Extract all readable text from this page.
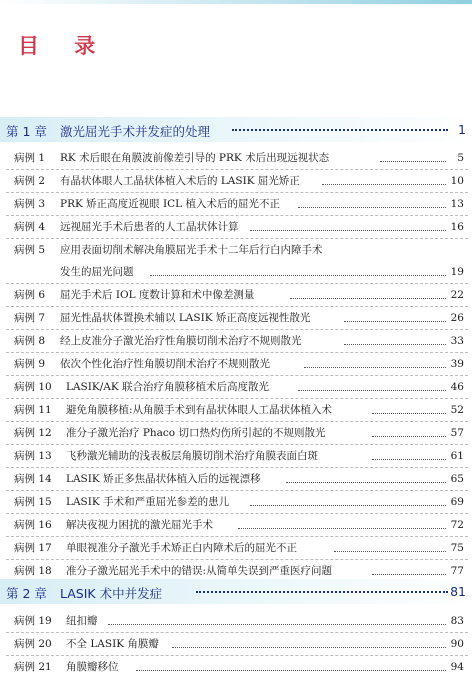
目 录
第 1 章 激光屈光手术并发症的处理	1
病例 1 RK 术后眼在角膜波前像差引导的 PRK 术后出现远视状态	5
病例 2 有晶状体眼人工晶状体植入术后的 LASIK 屈光矫正	10
病例 3 PRK 矫正高度近视眼 ICL 植入术后的屈光不正	13
病例 4 远视屈光手术后患者的人工晶状体计算	16
病例 5 应用表面切削术解决角膜屈光手术十二年后行白内障手术
发生的屈光问题	19
病例 6 屈光手术后 IOL 度数计算和术中像差测量	22
病例 7 屈光性晶状体置换术辅以 LASIK 矫正高度远视性散光	26
病例 8 经上皮准分子激光治疗性角膜切削术治疗不规则散光	33
病例 9 依次个性化治疗性角膜切削术治疗不规则散光	39
病例 10 LASIK/AK 联合治疗角膜移植术后高度散光	46
病例 11 避免角膜移植:从角膜手术到有晶状体眼人工晶状体植入术	52
病例 12 准分子激光治疗 Phaco 切口热灼伤所引起的不规则散光	57
病例 13 飞秒激光辅助的浅表板层角膜切削术治疗角膜表面白斑	61
病例 14 LASIK 矫正多焦晶状体植入后的远视漂移	65
病例 15 LASIK 手术和严重屈光参差的患儿	69
病例 16 解决夜视力困扰的激光屈光手术	72
病例 17 单眼视准分子激光手术矫正白内障术后的屈光不正	75
病例 18 准分子激光屈光手术中的错误:从简单失误到严重医疗问题	77
第 2 章 LASIK 术中并发症	81
病例 19 纽扣瓣	83
病例 20 不全 LASIK 角膜瓣	90
病例 21 角膜瓣移位	94
